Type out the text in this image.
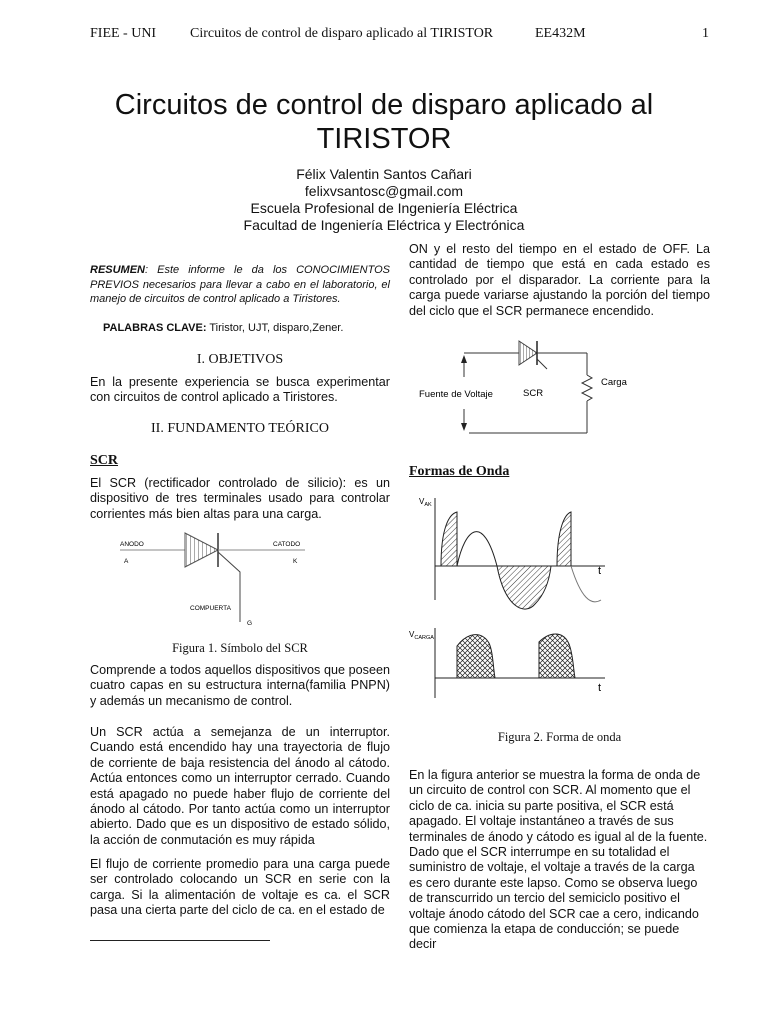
FIEE - UNI Circuitos de control de disparo aplicado al TIRISTOR	EE432M	1
Circuitos de control de disparo aplicado al
TIRISTOR
Félix Valentin Santos Cañari
felixvsantosc@gmail.com
Escuela Profesional de Ingeniería Eléctrica
Facultad de Ingeniería Eléctrica y Electrónica
RESUMEN: Este informe le da los CONOCIMIENTOS PREVIOS necesarios para llevar a cabo en el laboratorio, el manejo de circuitos de control aplicado a Tiristores.
PALABRAS CLAVE: Tiristor, UJT, disparo,Zener.
I. OBJETIVOS
En la presente experiencia se busca experimentar con circuitos de control aplicado a Tiristores.
II. FUNDAMENTO TEÓRICO
SCR
El SCR (rectificador controlado de silicio): es un dispositivo de tres terminales usado para controlar corrientes más bien altas para una carga.
ANODO
A
CATODO
K
COMPUERTA
G
Figura 1. Símbolo del SCR
Comprende a todos aquellos dispositivos que poseen cuatro capas en su estructura interna(familia PNPN) y además un mecanismo de control.
Un SCR actúa a semejanza de un interruptor. Cuando está encendido hay una trayectoria de flujo de corriente de baja resistencia del ánodo al cátodo. Actúa entonces como un interruptor cerrado. Cuando está apagado no puede haber flujo de corriente del ánodo al cátodo. Por tanto actúa como un interruptor abierto. Dado que es un dispositivo de estado sólido, la acción de conmutación es muy rápida
El flujo de corriente promedio para una carga puede ser controlado colocando un SCR en serie con la carga. Si la alimentación de voltaje es ca. el SCR pasa una cierta parte del ciclo de ca. en el estado de
ON y el resto del tiempo en el estado de OFF. La cantidad de tiempo que está en cada estado es controlado por el disparador. La corriente para la carga puede variarse ajustando la porción del tiempo del ciclo que el SCR permanece encendido.
Fuente de Voltaje	SCR
Carga
Formas de Onda
$V_{AK}$
t
$V_{CARGA}$
t
Figura 2. Forma de onda
En la figura anterior se muestra la forma de onda de un circuito de control con SCR. Al momento que el ciclo de ca. inicia su parte positiva, el SCR está apagado. El voltaje instantáneo a través de sus terminales de ánodo y cátodo es igual al de la fuente. Dado que el SCR interrumpe en su totalidad el suministro de voltaje, el voltaje a través de la carga es cero durante este lapso. Como se observa luego de transcurrido un tercio del semiciclo positivo el voltaje ánodo cátodo del SCR cae a cero, indicando que comienza la etapa de conducción; se puede decir
